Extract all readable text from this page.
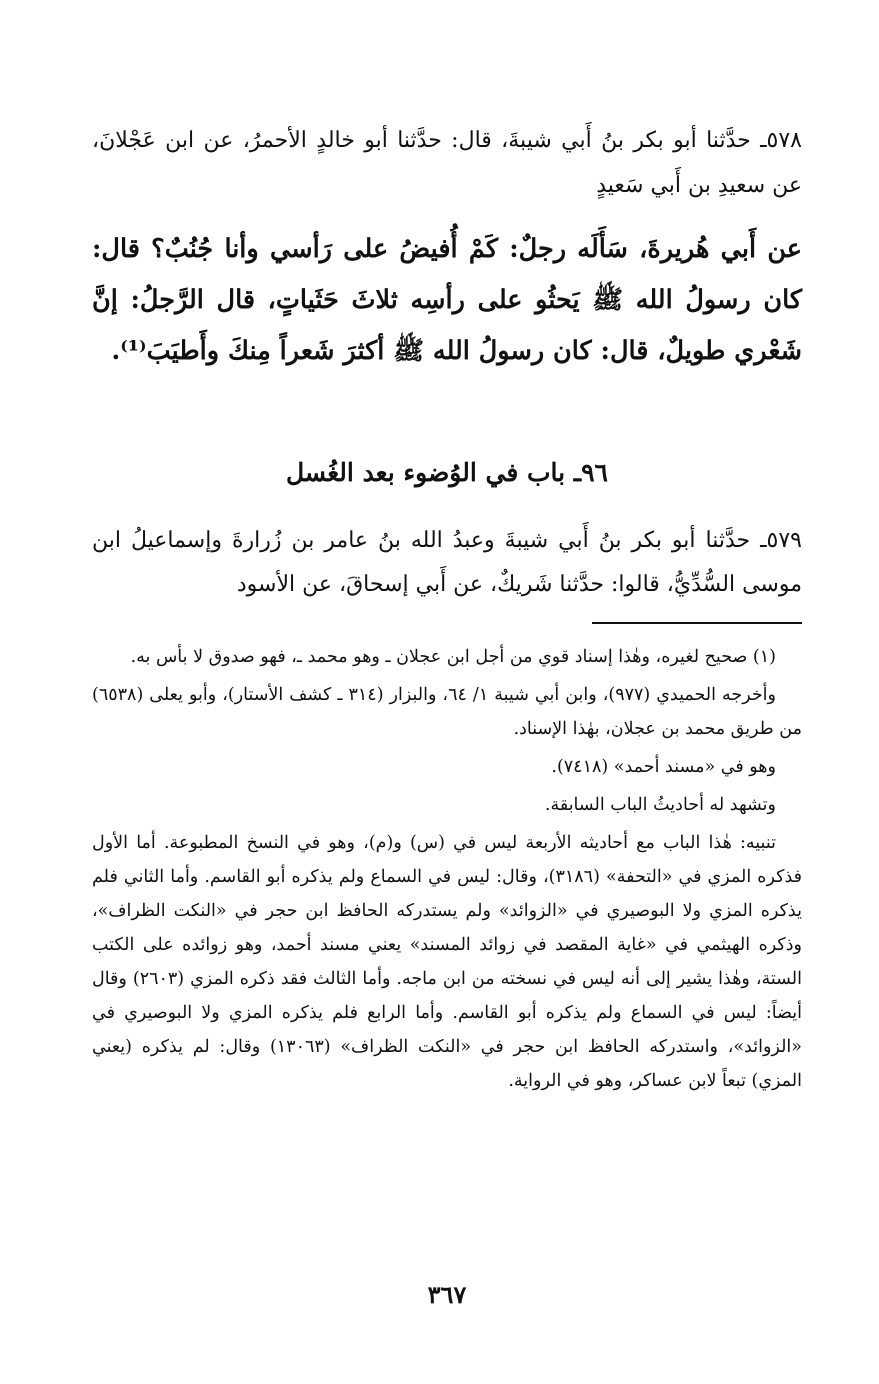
٥٧٨ـ حدَّثنا أبو بكر بنُ أَبي شيبةَ، قال: حدَّثنا أبو خالدٍ الأحمرُ، عن ابن عَجْلانَ، عن سعيدِ بن أَبي سَعيدٍ
عن أَبي هُريرةَ، سَأَلَه رجلٌ: كَمْ أُفيضُ على رَأسي وأنا جُنُبٌ؟ قال: كان رسولُ الله ﷺ يَحثُو على رأسِه ثلاثَ حَثَياتٍ، قال الرَّجلُ: إنَّ شَعْري طويلٌ، قال: كان رسولُ الله ﷺ أكثرَ شَعراً مِنكَ وأَطيَبَ⁽¹⁾.
٩٦ـ باب في الوُضوء بعد الغُسل
٥٧٩ـ حدَّثنا أبو بكر بنُ أَبي شيبةَ وعبدُ الله بنُ عامر بن زُرارةَ وإسماعيلُ ابن موسى السُّدِّيُّ، قالوا: حدَّثنا شَريكٌ، عن أَبي إسحاقَ، عن الأسود

(١) صحيح لغيره، وهٰذا إسناد قوي من أجل ابن عجلان ـ وهو محمد ـ، فهو صدوق لا بأس به.

وأخرجه الحميدي (٩٧٧)، وابن أبي شيبة ١/ ٦٤، والبزار (٣١٤ ـ كشف الأستار)، وأبو يعلى (٦٥٣٨) من طريق محمد بن عجلان، بهٰذا الإسناد.

وهو في «مسند أحمد» (٧٤١٨).

وتشهد له أحاديثُ الباب السابقة.

تنبيه: هٰذا الباب مع أحاديثه الأربعة ليس في (س) و(م)، وهو في النسخ المطبوعة. أما الأول فذكره المزي في «التحفة» (٣١٨٦)، وقال: ليس في السماع ولم يذكره أبو القاسم. وأما الثاني فلم يذكره المزي ولا البوصيري في «الزوائد» ولم يستدركه الحافظ ابن حجر في «النكت الظراف»، وذكره الهيثمي في «غاية المقصد في زوائد المسند» يعني مسند أحمد، وهو زوائده على الكتب الستة، وهٰذا يشير إلى أنه ليس في نسخته من ابن ماجه. وأما الثالث فقد ذكره المزي (٢٦٠٣) وقال أيضاً: ليس في السماع ولم يذكره أبو القاسم. وأما الرابع فلم يذكره المزي ولا البوصيري في «الزوائد»، واستدركه الحافظ ابن حجر في «النكت الظراف» (١٣٠٦٣) وقال: لم يذكره (يعني المزي) تبعاً لابن عساكر، وهو في الرواية.

٣٦٧
